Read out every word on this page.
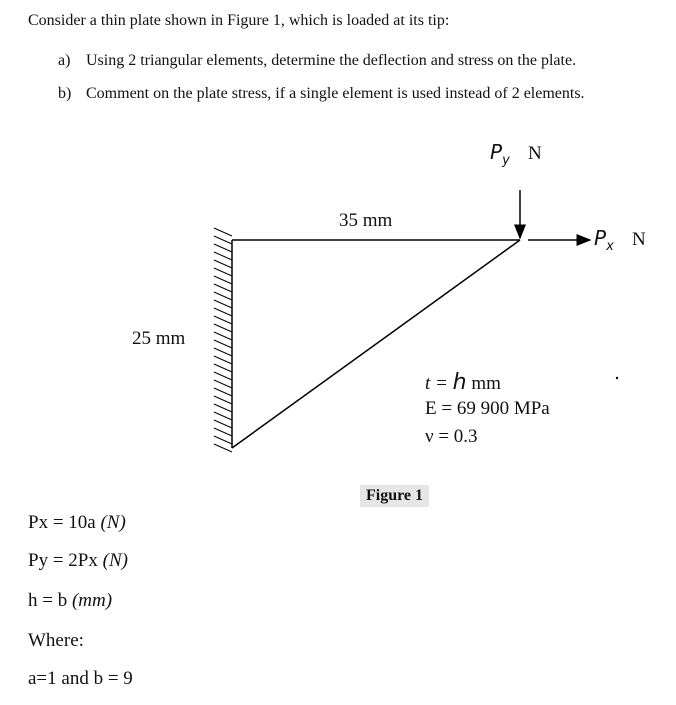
Consider a thin plate shown in Figure 1, which is loaded at its tip:
a) Using 2 triangular elements, determine the deflection and stress on the plate.
b) Comment on the plate stress, if a single element is used instead of 2 elements.
35 mm
25 mm
$P_y$ N
$P_x$ N
t = h mm
E = 69 900 MPa
ν = 0.3
Figure 1
Px = 10a (N)
Py = 2Px (N)
h = b (mm)
Where:
a=1 and b = 9
